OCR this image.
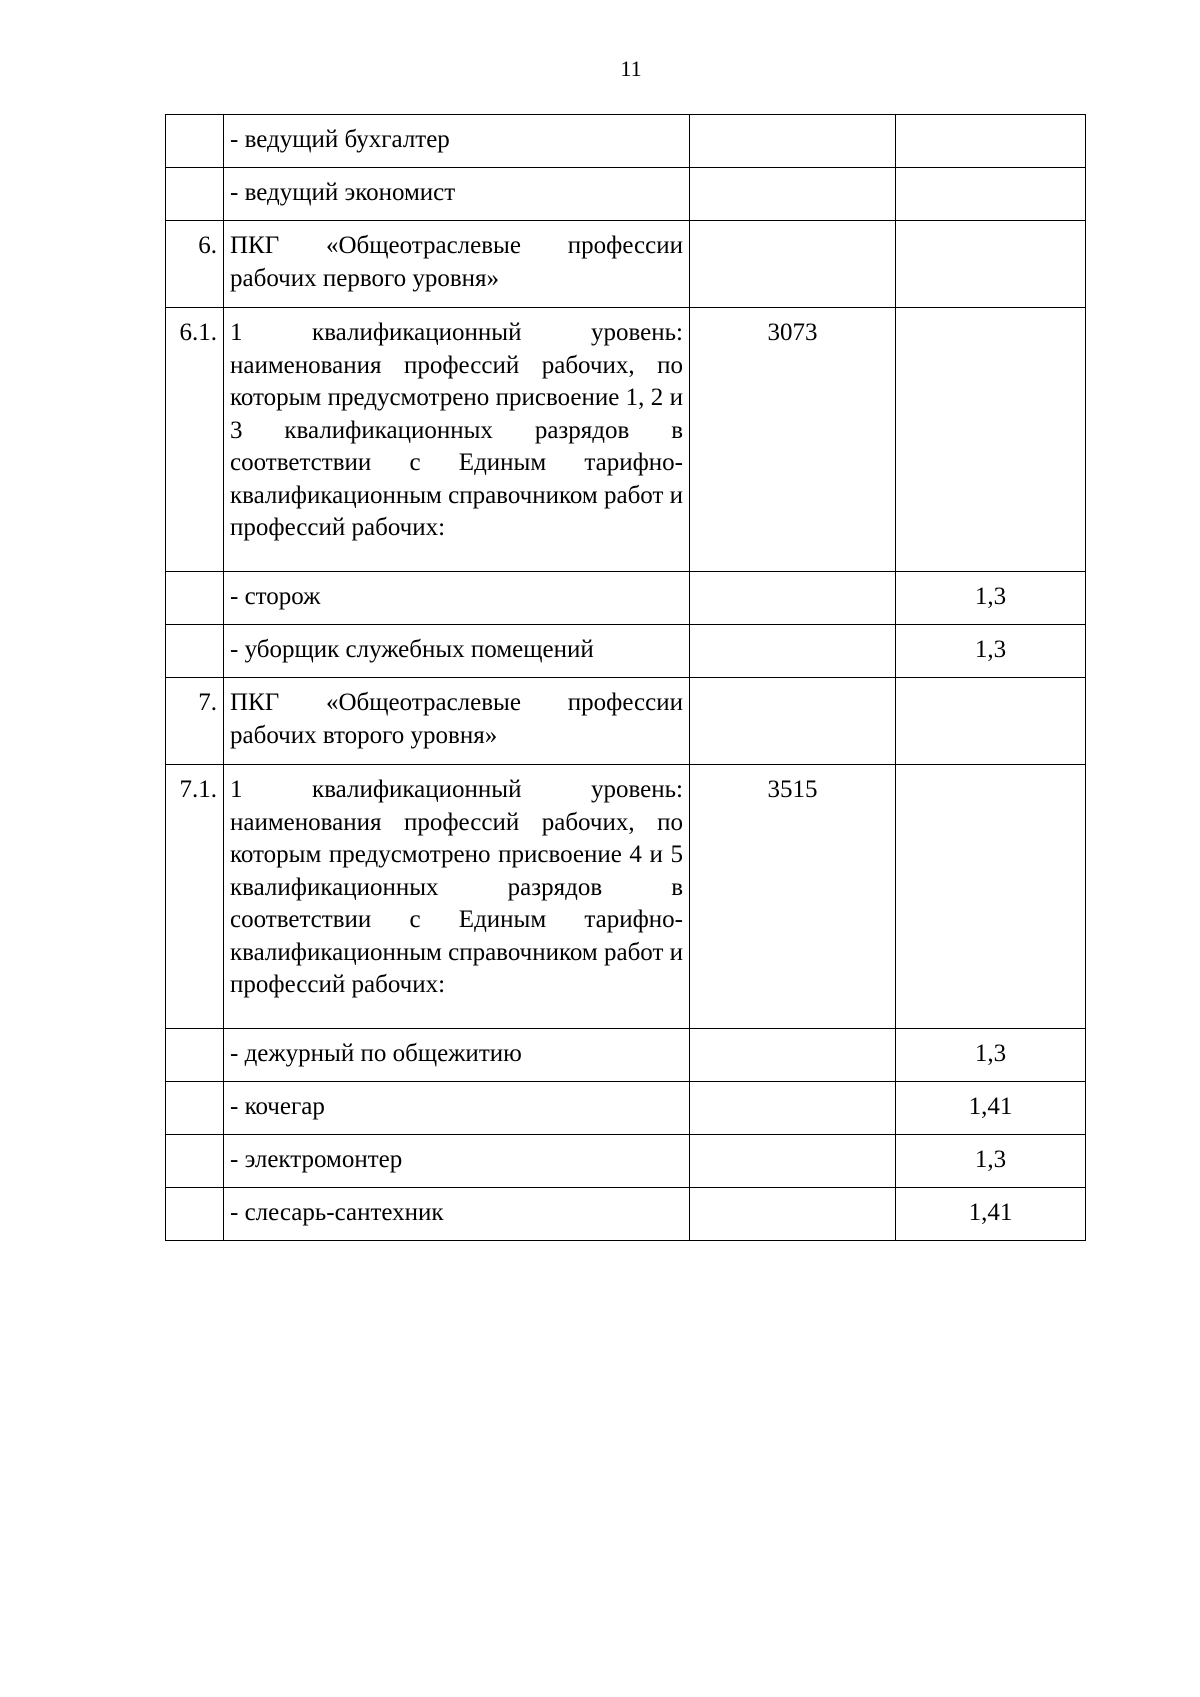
11
	- ведущий бухгалтер		
	- ведущий экономист		
6.	ПКГ «Общеотраслевые профессии рабочих первого уровня»		
6.1.	1 квалификационный уровень: наименования профессий рабочих, по которым предусмотрено присвоение 1, 2 и 3 квалификационных разрядов в соответствии с Единым тарифно-квалификационным справочником работ и профессий рабочих:	3073	
	- сторож		1,3
	- уборщик служебных помещений		1,3
7.	ПКГ «Общеотраслевые профессии рабочих второго уровня»		
7.1.	1 квалификационный уровень: наименования профессий рабочих, по которым предусмотрено присвоение 4 и 5 квалификационных разрядов в соответствии с Единым тарифно-квалификационным справочником работ и профессий рабочих:	3515	
	- дежурный по общежитию		1,3
	- кочегар		1,41
	- электромонтер		1,3
	- слесарь-сантехник		1,41
